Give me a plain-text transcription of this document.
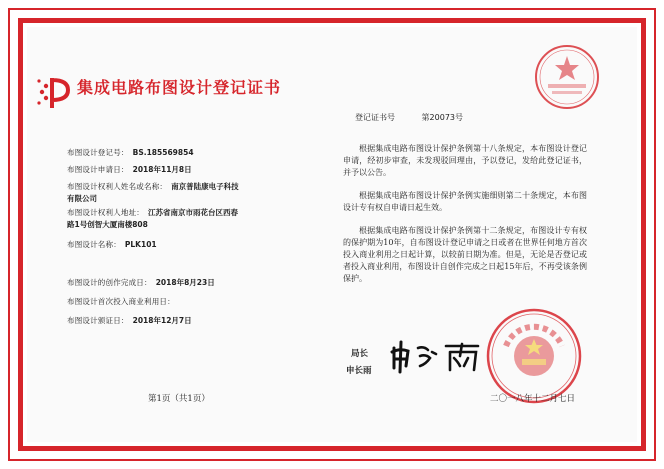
集成电路布图设计登记证书
登记证书号	第20073号
布图设计登记号： BS.185569854
布图设计申请日： 2018年11月8日
布图设计权利人姓名或名称： 南京普陆康电子科技
有限公司
布图设计权利人地址： 江苏省南京市雨花台区西春
路1号创智大厦南楼808
布图设计名称： PLK101
布图设计的创作完成日： 2018年8月23日
布图设计首次投入商业利用日：
布图设计颁证日： 2018年12月7日
根据集成电路布图设计保护条例第十八条规定，本布图设计登记申请，经初步审查，未发现驳回理由，予以登记，发给此登记证书，并予以公告。
根据集成电路布图设计保护条例实施细则第二十条规定，本布图设计专有权自申请日起生效。
根据集成电路布图设计保护条例第十二条规定，布图设计专有权的保护期为10年，自布图设计登记申请之日或者在世界任何地方首次投入商业利用之日起计算，以较前日期为准。但是，无论是否登记或者投入商业利用，布图设计自创作完成之日起15年后，不再受该条例保护。
局长
申长雨
二〇一八年十二月七日
第1页（共1页）
